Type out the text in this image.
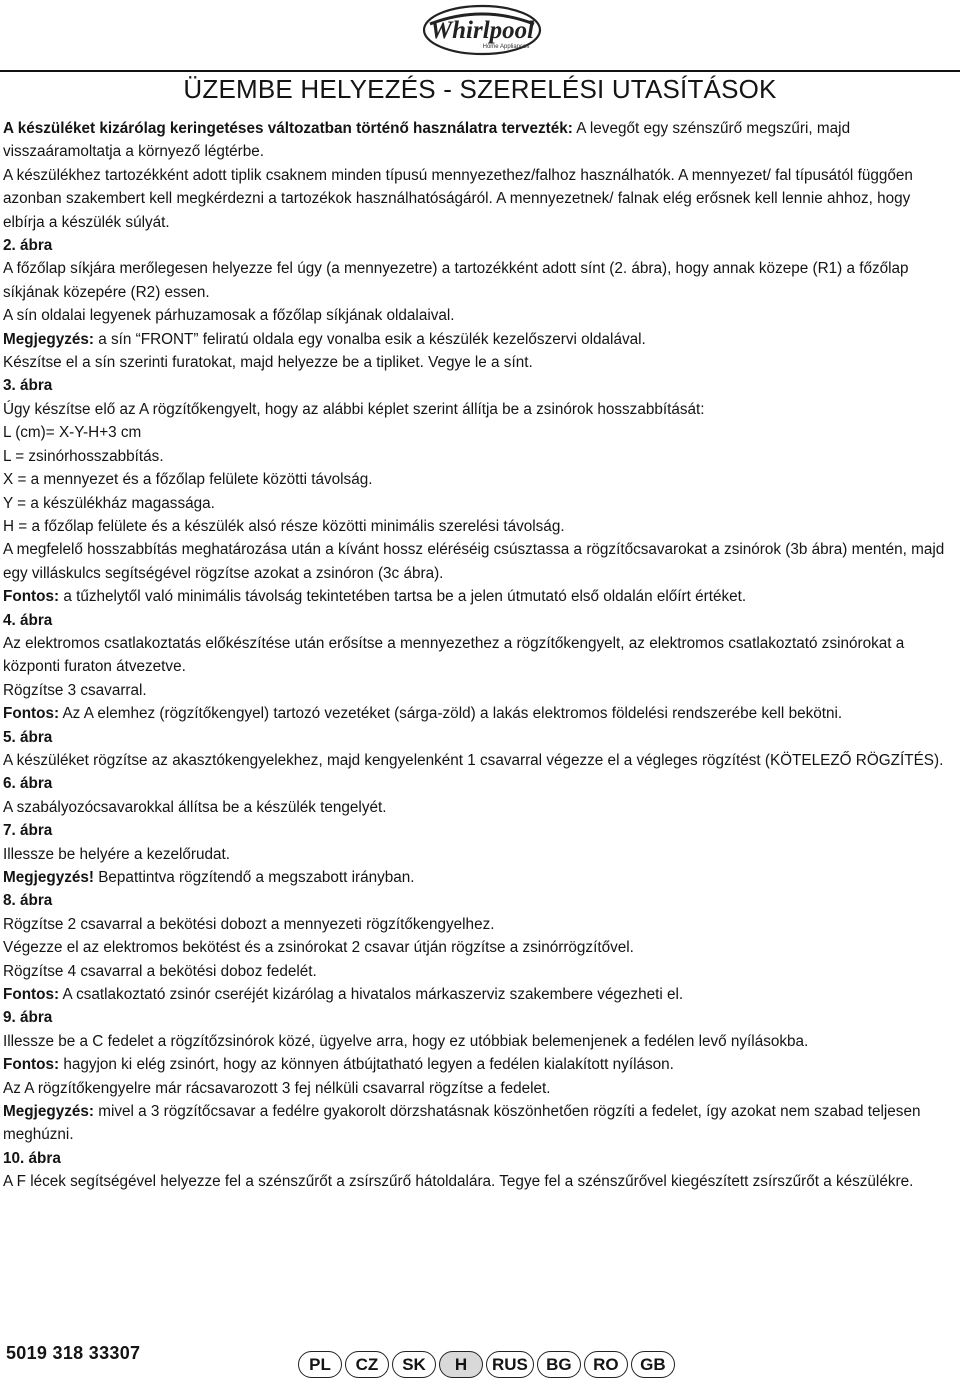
Whirlpool
Home Appliances
ÜZEMBE HELYEZÉS - SZERELÉSI UTASÍTÁSOK

A készüléket kizárólag keringetéses változatban történő használatra tervezték: A levegőt egy szénszűrő megszűri, majd visszaáramoltatja a környező légtérbe.

A készülékhez tartozékként adott tiplik csaknem minden típusú mennyezethez/falhoz használhatók. A mennyezet/ fal típusától függően azonban szakembert kell megkérdezni a tartozékok használhatóságáról. A mennyezetnek/ falnak elég erősnek kell lennie ahhoz, hogy elbírja a készülék súlyát.

2. ábra

A főzőlap síkjára merőlegesen helyezze fel úgy (a mennyezetre) a tartozékként adott sínt (2. ábra), hogy annak közepe (R1) a főzőlap síkjának közepére (R2) essen.

A sín oldalai legyenek párhuzamosak a főzőlap síkjának oldalaival.

Megjegyzés: a sín “FRONT” feliratú oldala egy vonalba esik a készülék kezelőszervi oldalával.

Készítse el a sín szerinti furatokat, majd helyezze be a tipliket. Vegye le a sínt.

3. ábra

Úgy készítse elő az A rögzítőkengyelt, hogy az alábbi képlet szerint állítja be a zsinórok hosszabbítását:

L (cm)= X-Y-H+3 cm

L = zsinórhosszabbítás.

X = a mennyezet és a főzőlap felülete közötti távolság.

Y = a készülékház magassága.

H = a főzőlap felülete és a készülék alsó része közötti minimális szerelési távolság.

A megfelelő hosszabbítás meghatározása után a kívánt hossz eléréséig csúsztassa a rögzítőcsavarokat a zsinórok (3b ábra) mentén, majd egy villáskulcs segítségével rögzítse azokat a zsinóron (3c ábra).

Fontos: a tűzhelytől való minimális távolság tekintetében tartsa be a jelen útmutató első oldalán előírt értéket.

4. ábra

Az elektromos csatlakoztatás előkészítése után erősítse a mennyezethez a rögzítőkengyelt, az elektromos csatlakoztató zsinórokat a központi furaton átvezetve.

Rögzítse 3 csavarral.

Fontos: Az A elemhez (rögzítőkengyel) tartozó vezetéket (sárga-zöld) a lakás elektromos földelési rendszerébe kell bekötni.

5. ábra

A készüléket rögzítse az akasztókengyelekhez, majd kengyelenként 1 csavarral végezze el a végleges rögzítést (KÖTELEZŐ RÖGZÍTÉS).

6. ábra

A szabályozócsavarokkal állítsa be a készülék tengelyét.

7. ábra

Illessze be helyére a kezelőrudat.

Megjegyzés! Bepattintva rögzítendő a megszabott irányban.

8. ábra

Rögzítse 2 csavarral a bekötési dobozt a mennyezeti rögzítőkengyelhez.

Végezze el az elektromos bekötést és a zsinórokat 2 csavar útján rögzítse a zsinórrögzítővel.

Rögzítse 4 csavarral a bekötési doboz fedelét.

Fontos: A csatlakoztató zsinór cseréjét kizárólag a hivatalos márkaszerviz szakembere végezheti el.

9. ábra

Illessze be a C fedelet a rögzítőzsinórok közé, ügyelve arra, hogy ez utóbbiak belemenjenek a fedélen levő nyílásokba.

Fontos: hagyjon ki elég zsinórt, hogy az könnyen átbújtatható legyen a fedélen kialakított nyíláson.

Az A rögzítőkengyelre már rácsavarozott 3 fej nélküli csavarral rögzítse a fedelet.

Megjegyzés: mivel a 3 rögzítőcsavar a fedélre gyakorolt dörzshatásnak köszönhetően rögzíti a fedelet, így azokat nem szabad teljesen meghúzni.

10. ábra

A F lécek segítségével helyezze fel a szénszűrőt a zsírszűrő hátoldalára. Tegye fel a szénszűrővel kiegészített zsírszűrőt a készülékre.

5019 318 33307
PL	CZ	SK	H	RUS	BG	RO	GB
